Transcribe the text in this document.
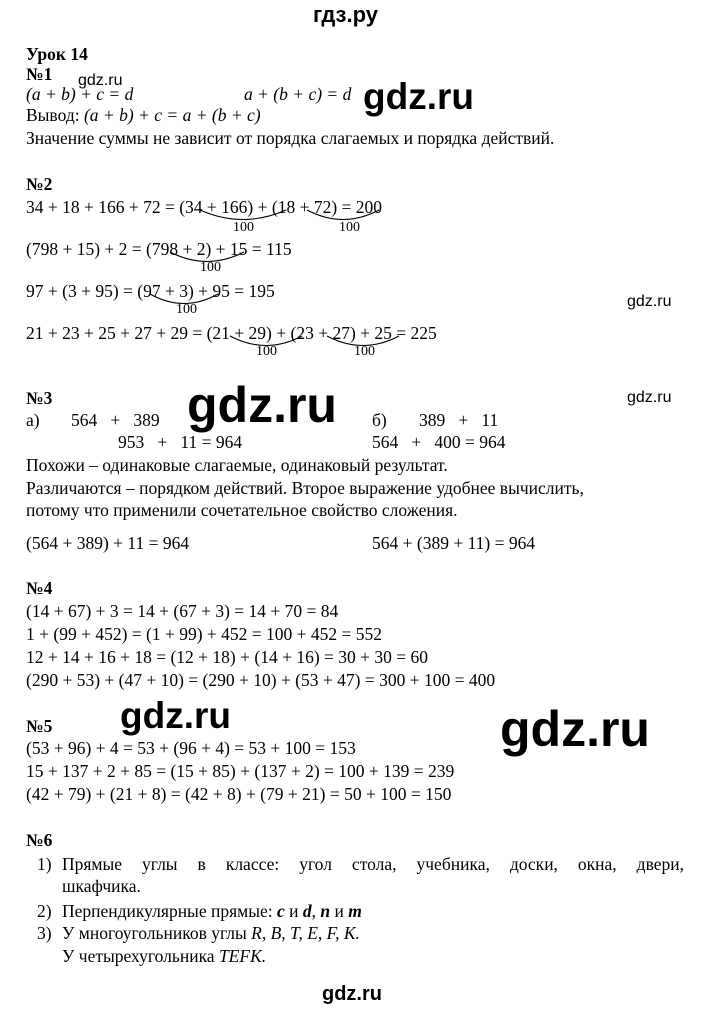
гдз.ру
Урок 14
№1 gdz.ru
(a + b) + c = d	a + (b + c) = d gdz.ru
Вывод: (a + b) + c = a + (b + c)
Значение суммы не зависит от порядка слагаемых и порядка действий.
№2
34 + 18 + 166 + 72 = (34 + 166) + (18 + 72) = 200
100	100
(798 + 15) + 2 = (798 + 2) + 15 = 115
100
97 + (3 + 95) = (97 + 3) + 95 = 195
100	gdz.ru
21 + 23 + 25 + 27 + 29 = (21 + 29) + (23 + 27) + 25 = 225
100	100
№3	gdz.ru	gdz.ru
а) 564   +   389
953   +   11 = 964
б) 389   +   11
564   +   400 = 964
Похожи – одинаковые слагаемые, одинаковый результат.
Различаются – порядком действий. Второе выражение удобнее вычислить,
потому что применили сочетательное свойство сложения.
(564 + 389) + 11 = 964	564 + (389 + 11) = 964
№4
(14 + 67) + 3 = 14 + (67 + 3) = 14 + 70 = 84
1 + (99 + 452) = (1 + 99) + 452 = 100 + 452 = 552
12 + 14 + 16 + 18 = (12 + 18) + (14 + 16) = 30 + 30 = 60
(290 + 53) + (47 + 10) = (290 + 10) + (53 + 47) = 300 + 100 = 400
№5 gdz.ru	gdz.ru
(53 + 96) + 4 = 53 + (96 + 4) = 53 + 100 = 153
15 + 137 + 2 + 85 = (15 + 85) + (137 + 2) = 100 + 139 = 239
(42 + 79) + (21 + 8) = (42 + 8) + (79 + 21) = 50 + 100 = 150
№6
1) Прямые углы в классе: угол стола, учебника, доски, окна, двери,
шкафчика.
2) Перпендикулярные прямые: c и d, n и m
3) У многоугольников углы R, B, T, E, F, K.
У четырехугольника TEFK.
gdz.ru
